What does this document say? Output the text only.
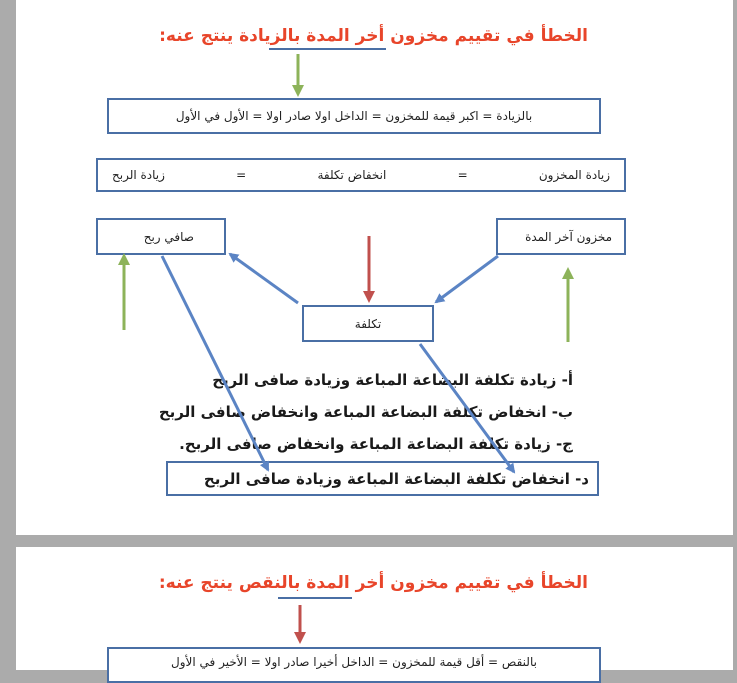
الخطأ في تقييم مخزون أخر المدة بالزيادة ينتج عنه:
بالزيادة = اكبر قيمة للمخزون = الداخل اولا صادر اولا = الأول في الأول
زيادة المخزون
=
انخفاض تكلفة
=
زيادة الربح
مخزون آخر المدة
صافي ربح
تكلفة
أ- زيادة تكلفة البضاعة المباعة وزيادة صافى الربح
ب- انخفاض تكلفة البضاعة المباعة وانخفاض صافى الربح
ج- زيادة تكلفة البضاعة المباعة وانخفاض صافى الربح.
د- انخفاض تكلفة البضاعة المباعة وزيادة صافى الربح
الخطأ في تقييم مخزون أخر المدة بالنقص ينتج عنه:
بالنقص = أقل قيمة للمخزون = الداخل أخيرا صادر اولا = الأخير في الأول
